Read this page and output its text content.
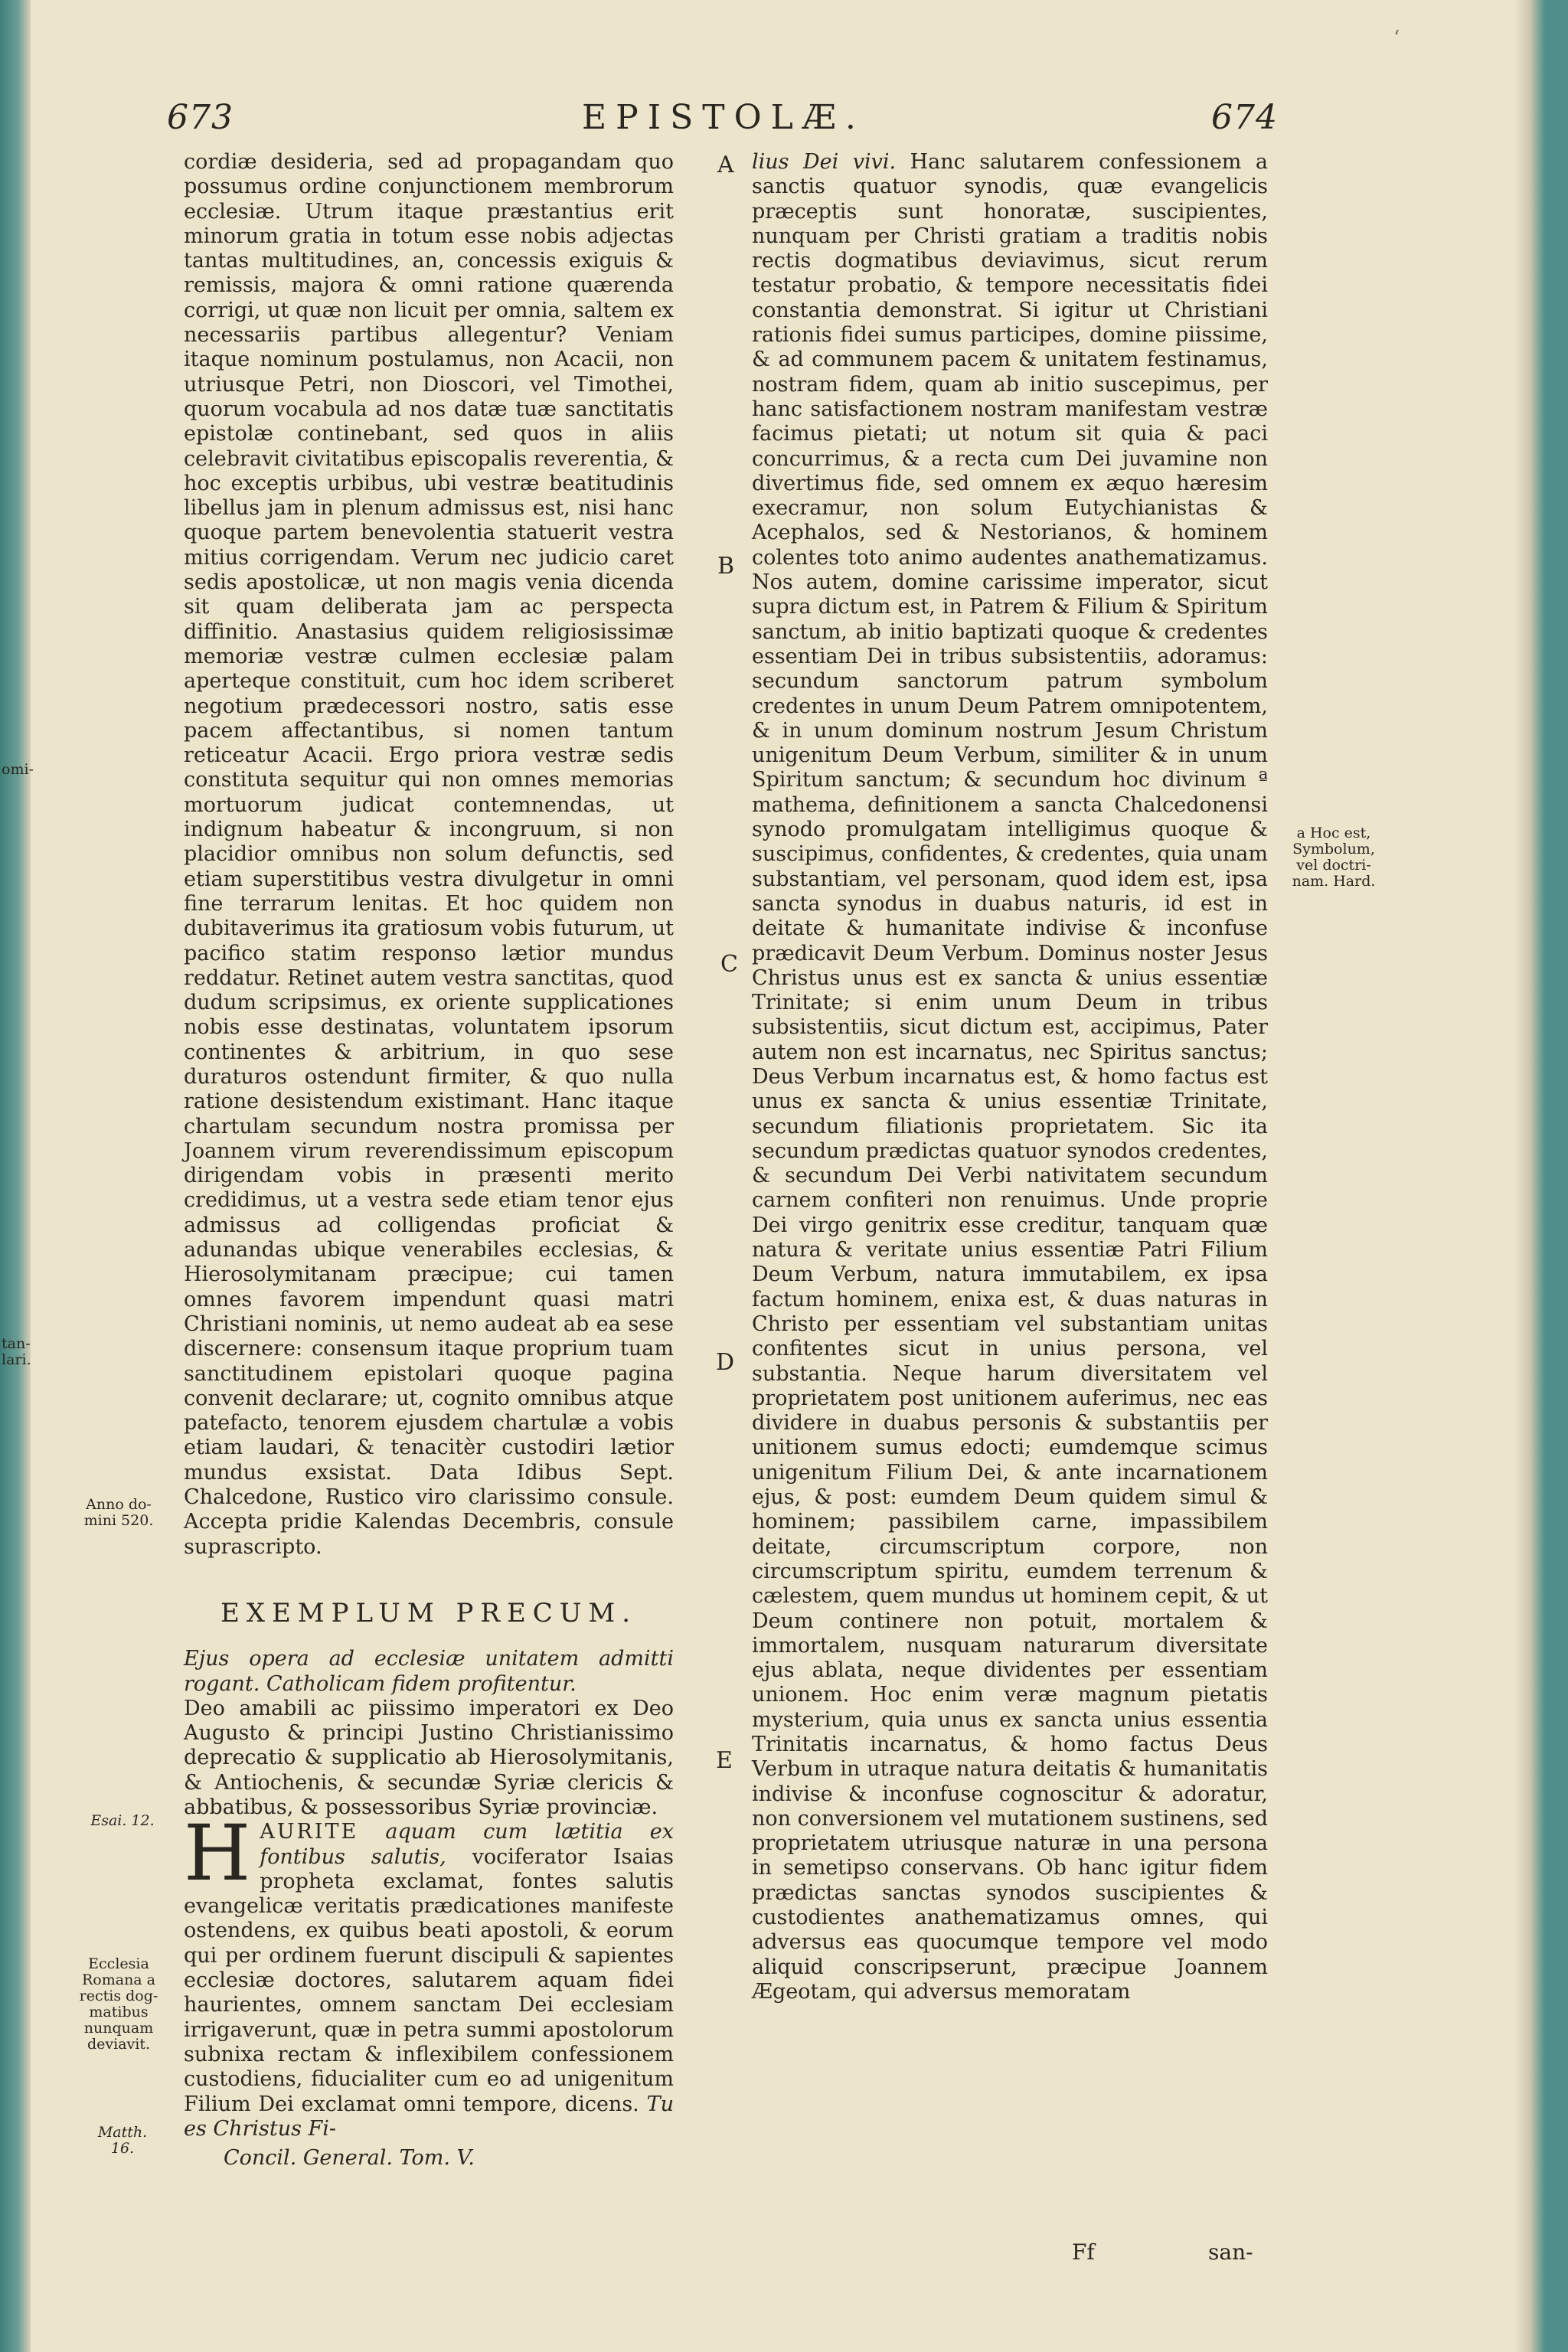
673	EPISTOLÆ.	674

cordiæ desideria, sed ad propagandam quo possumus ordine conjunctionem membrorum ecclesiæ. Utrum itaque præstantius erit minorum gratia in totum esse nobis adjectas tantas multitudines, an, concessis exiguis & remissis, majora & omni ratione quærenda corrigi, ut quæ non licuit per omnia, saltem ex necessariis partibus allegentur? Veniam itaque nominum postulamus, non Acacii, non utriusque Petri, non Dioscori, vel Timothei, quorum vocabula ad nos datæ tuæ sanctitatis epistolæ continebant, sed quos in aliis celebravit civitatibus episcopalis reverentia, & hoc exceptis urbibus, ubi vestræ beatitudinis libellus jam in plenum admissus est, nisi hanc quoque partem benevolentia statuerit vestra mitius corrigendam. Verum nec judicio caret sedis apostolicæ, ut non magis venia dicenda sit quam deliberata jam ac perspecta diffinitio. Anastasius quidem religiosissimæ memoriæ vestræ culmen ecclesiæ palam aperteque constituit, cum hoc idem scriberet negotium prædecessori nostro, satis esse pacem affectantibus, si nomen tantum reticeatur Acacii. Ergo priora vestræ sedis constituta sequitur qui non omnes memorias mortuorum judicat contemnendas, ut indignum habeatur & incongruum, si non placidior omnibus non solum defunctis, sed etiam superstitibus vestra divulgetur in omni fine terrarum lenitas. Et hoc quidem non dubitaverimus ita gratiosum vobis futurum, ut pacifico statim responso lætior mundus reddatur. Retinet autem vestra sanctitas, quod dudum scripsimus, ex oriente supplicationes nobis esse destinatas, voluntatem ipsorum continentes & arbitrium, in quo sese duraturos ostendunt firmiter, & quo nulla ratione desistendum existimant. Hanc itaque chartulam secundum nostra promissa per Joannem virum reverendissimum episcopum dirigendam vobis in præsenti merito credidimus, ut a vestra sede etiam tenor ejus admissus ad colligendas proficiat & adunandas ubique venerabiles ecclesias, & Hierosolymitanam præcipue; cui tamen omnes favorem impendunt quasi matri Christiani nominis, ut nemo audeat ab ea sese discernere: consensum itaque proprium tuam sanctitudinem epistolari quoque pagina convenit declarare; ut, cognito omnibus atque patefacto, tenorem ejusdem chartulæ a vobis etiam laudari, & tenacitèr custodiri lætior mundus exsistat. Data Idibus Sept. Chalcedone, Rustico viro clarissimo consule. Accepta pridie Kalendas Decembris, consule suprascripto.

EXEMPLUM PRECUM.

Ejus opera ad ecclesiæ unitatem admitti rogant. Catholicam fidem profitentur.

Deo amabili ac piissimo imperatori ex Deo Augusto & principi Justino Christianissimo deprecatio & supplicatio ab Hierosolymitanis, & Antiochenis, & secundæ Syriæ clericis & abbatibus, & possessoribus Syriæ provinciæ.

HAURITE aquam cum lætitia ex fontibus salutis, vociferator Isaias propheta exclamat, fontes salutis evangelicæ veritatis prædicationes manifeste ostendens, ex quibus beati apostoli, & eorum qui per ordinem fuerunt discipuli & sapientes ecclesiæ doctores, salutarem aquam fidei haurientes, omnem sanctam Dei ecclesiam irrigaverunt, quæ in petra summi apostolorum subnixa rectam & inflexibilem confessionem custodiens, fiducialiter cum eo ad unigenitum Filium Dei exclamat omni tempore, dicens. Tu es Christus Fi-

Concil. General. Tom. V.

lius Dei vivi. Hanc salutarem confessionem a sanctis quatuor synodis, quæ evangelicis præceptis sunt honoratæ, suscipientes, nunquam per Christi gratiam a traditis nobis rectis dogmatibus deviavimus, sicut rerum testatur probatio, & tempore necessitatis fidei constantia demonstrat. Si igitur ut Christiani rationis fidei sumus participes, domine piissime, & ad communem pacem & unitatem festinamus, nostram fidem, quam ab initio suscepimus, per hanc satisfactionem nostram manifestam vestræ facimus pietati; ut notum sit quia & paci concurrimus, & a recta cum Dei juvamine non divertimus fide, sed omnem ex æquo hæresim execramur, non solum Eutychianistas & Acephalos, sed & Nestorianos, & hominem colentes toto animo audentes anathematizamus. Nos autem, domine carissime imperator, sicut supra dictum est, in Patrem & Filium & Spiritum sanctum, ab initio baptizati quoque & credentes essentiam Dei in tribus subsistentiis, adoramus: secundum sanctorum patrum symbolum credentes in unum Deum Patrem omnipotentem, & in unum dominum nostrum Jesum Christum unigenitum Deum Verbum, similiter & in unum Spiritum sanctum; & secundum hoc divinum ª mathema, definitionem a sancta Chalcedonensi synodo promulgatam intelligimus quoque & suscipimus, confidentes, & credentes, quia unam substantiam, vel personam, quod idem est, ipsa sancta synodus in duabus naturis, id est in deitate & humanitate indivise & inconfuse prædicavit Deum Verbum. Dominus noster Jesus Christus unus est ex sancta & unius essentiæ Trinitate; si enim unum Deum in tribus subsistentiis, sicut dictum est, accipimus, Pater autem non est incarnatus, nec Spiritus sanctus; Deus Verbum incarnatus est, & homo factus est unus ex sancta & unius essentiæ Trinitate, secundum filiationis proprietatem. Sic ita secundum prædictas quatuor synodos credentes, & secundum Dei Verbi nativitatem secundum carnem confiteri non renuimus. Unde proprie Dei virgo genitrix esse creditur, tanquam quæ natura & veritate unius essentiæ Patri Filium Deum Verbum, natura immutabilem, ex ipsa factum hominem, enixa est, & duas naturas in Christo per essentiam vel substantiam unitas confitentes sicut in unius persona, vel substantia. Neque harum diversitatem vel proprietatem post unitionem auferimus, nec eas dividere in duabus personis & substantiis per unitionem sumus edocti; eumdemque scimus unigenitum Filium Dei, & ante incarnationem ejus, & post: eumdem Deum quidem simul & hominem; passibilem carne, impassibilem deitate, circumscriptum corpore, non circumscriptum spiritu, eumdem terrenum & cælestem, quem mundus ut hominem cepit, & ut Deum continere non potuit, mortalem & immortalem, nusquam naturarum diversitate ejus ablata, neque dividentes per essentiam unionem. Hoc enim veræ magnum pietatis mysterium, quia unus ex sancta unius essentia Trinitatis incarnatus, & homo factus Deus Verbum in utraque natura deitatis & humanitatis indivise & inconfuse cognoscitur & adoratur, non conversionem vel mutationem sustinens, sed proprietatem utriusque naturæ in una persona in semetipso conservans. Ob hanc igitur fidem prædictas sanctas synodos suscipientes & custodientes anathematizamus omnes, qui adversus eas quocumque tempore vel modo aliquid conscripserunt, præcipue Joannem Ægeotam, qui adversus memoratam

A
B
C
D
E
omi-
tan-
lari.
Anno do-
mini 520.
Esai. 12.
Ecclesia
Romana a
rectis dog-
matibus
nunquam
deviavit.
Matth. 16.
a Hoc est,
Symbolum,
vel doctri-
nam. Hard.
Ff	san-
‘
